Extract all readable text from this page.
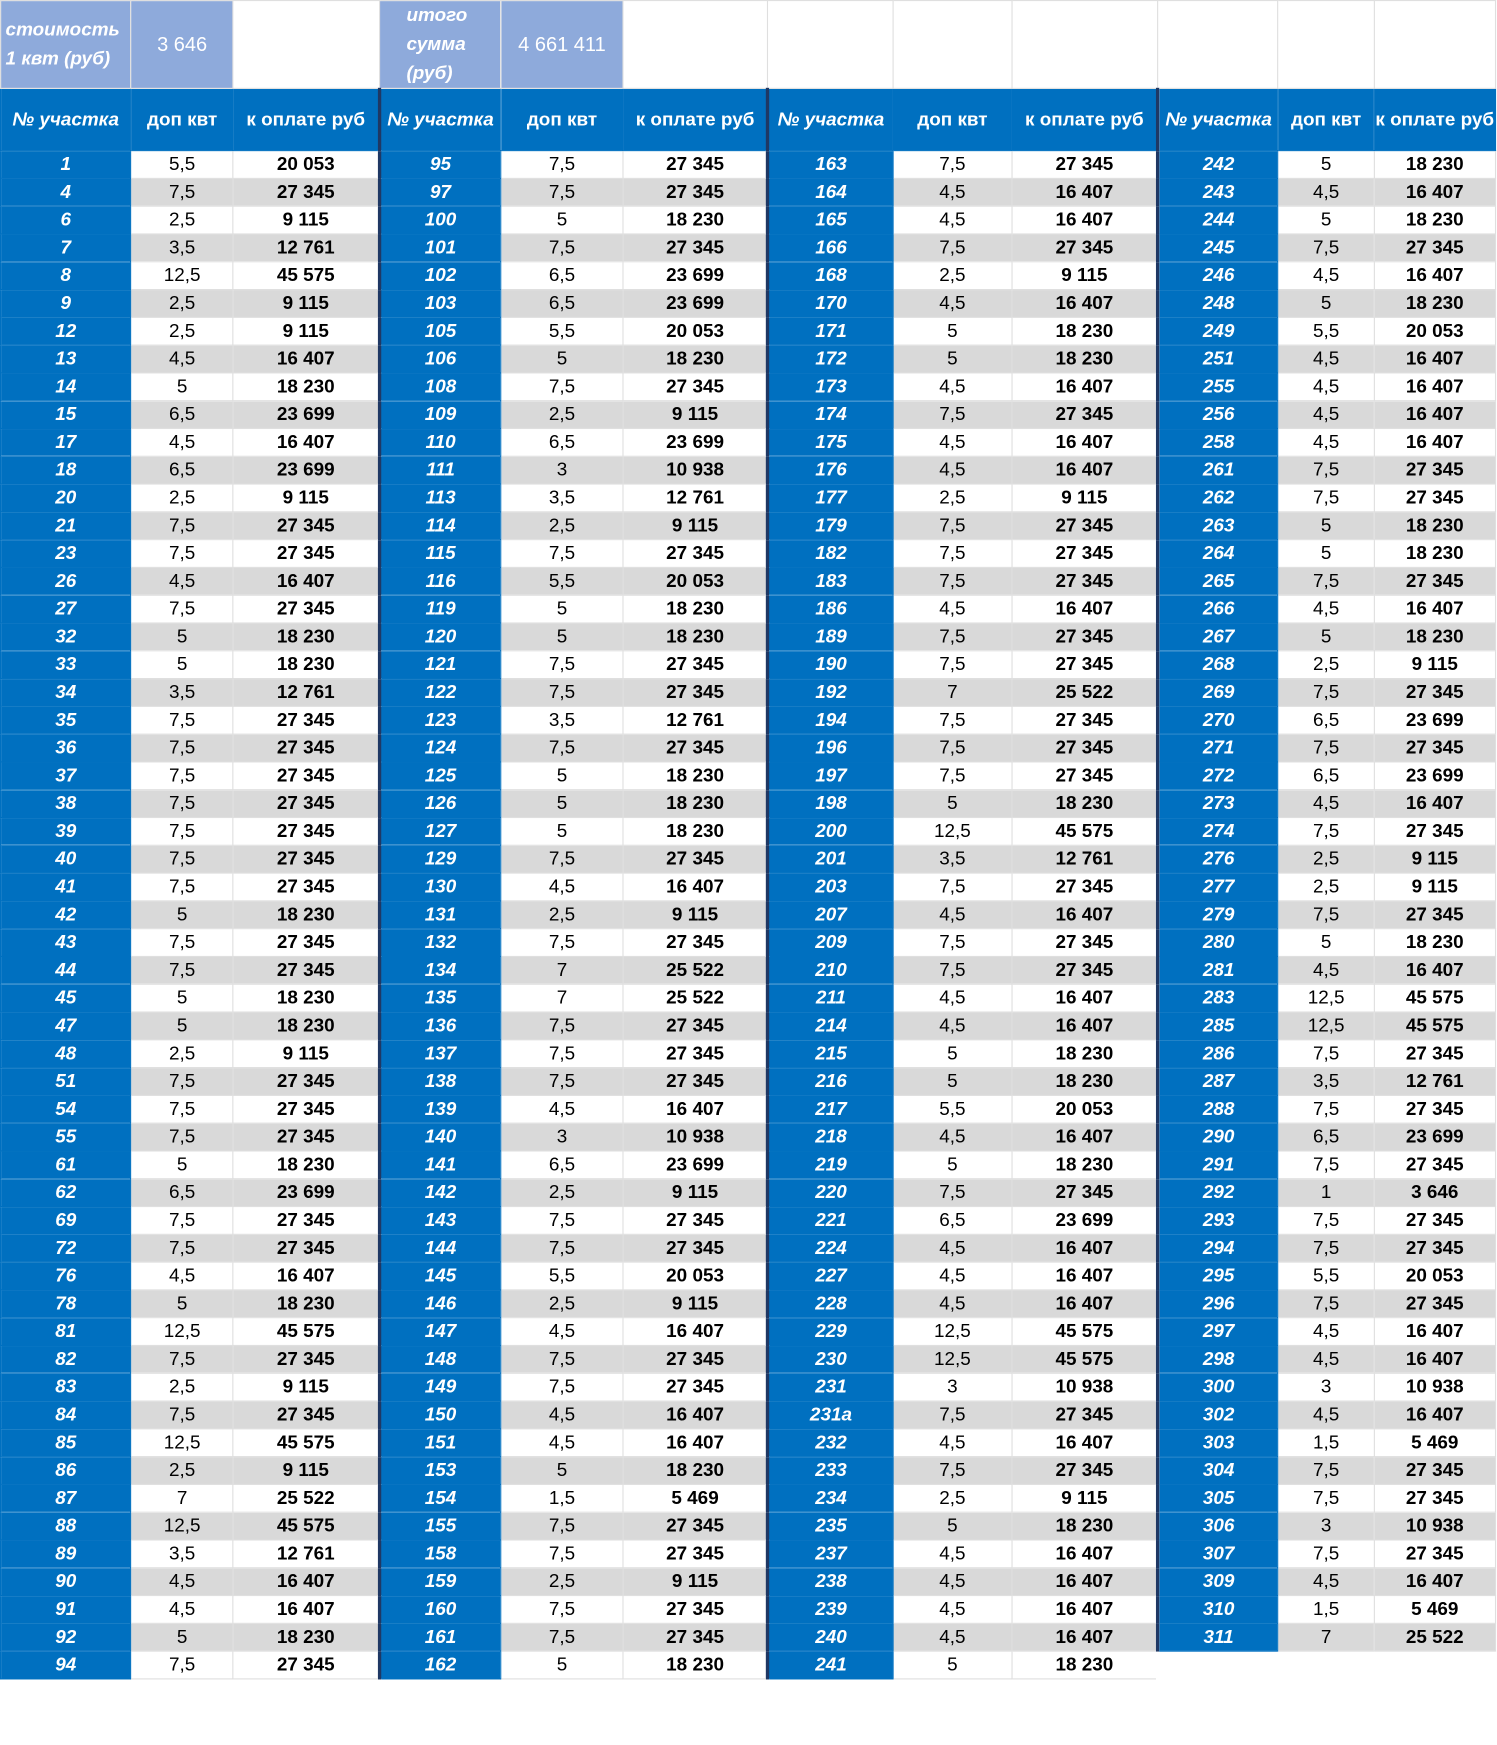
стоимость 1 квт (руб)	3 646		итого сумма (руб)	4 661 411							
№ участка	доп квт	к оплате руб	№ участка	доп квт	к оплате руб	№ участка	доп квт	к оплате руб	№ участка	доп квт	к оплате руб
1	5,5	20 053	95	7,5	27 345	163	7,5	27 345	242	5	18 230
4	7,5	27 345	97	7,5	27 345	164	4,5	16 407	243	4,5	16 407
6	2,5	9 115	100	5	18 230	165	4,5	16 407	244	5	18 230
7	3,5	12 761	101	7,5	27 345	166	7,5	27 345	245	7,5	27 345
8	12,5	45 575	102	6,5	23 699	168	2,5	9 115	246	4,5	16 407
9	2,5	9 115	103	6,5	23 699	170	4,5	16 407	248	5	18 230
12	2,5	9 115	105	5,5	20 053	171	5	18 230	249	5,5	20 053
13	4,5	16 407	106	5	18 230	172	5	18 230	251	4,5	16 407
14	5	18 230	108	7,5	27 345	173	4,5	16 407	255	4,5	16 407
15	6,5	23 699	109	2,5	9 115	174	7,5	27 345	256	4,5	16 407
17	4,5	16 407	110	6,5	23 699	175	4,5	16 407	258	4,5	16 407
18	6,5	23 699	111	3	10 938	176	4,5	16 407	261	7,5	27 345
20	2,5	9 115	113	3,5	12 761	177	2,5	9 115	262	7,5	27 345
21	7,5	27 345	114	2,5	9 115	179	7,5	27 345	263	5	18 230
23	7,5	27 345	115	7,5	27 345	182	7,5	27 345	264	5	18 230
26	4,5	16 407	116	5,5	20 053	183	7,5	27 345	265	7,5	27 345
27	7,5	27 345	119	5	18 230	186	4,5	16 407	266	4,5	16 407
32	5	18 230	120	5	18 230	189	7,5	27 345	267	5	18 230
33	5	18 230	121	7,5	27 345	190	7,5	27 345	268	2,5	9 115
34	3,5	12 761	122	7,5	27 345	192	7	25 522	269	7,5	27 345
35	7,5	27 345	123	3,5	12 761	194	7,5	27 345	270	6,5	23 699
36	7,5	27 345	124	7,5	27 345	196	7,5	27 345	271	7,5	27 345
37	7,5	27 345	125	5	18 230	197	7,5	27 345	272	6,5	23 699
38	7,5	27 345	126	5	18 230	198	5	18 230	273	4,5	16 407
39	7,5	27 345	127	5	18 230	200	12,5	45 575	274	7,5	27 345
40	7,5	27 345	129	7,5	27 345	201	3,5	12 761	276	2,5	9 115
41	7,5	27 345	130	4,5	16 407	203	7,5	27 345	277	2,5	9 115
42	5	18 230	131	2,5	9 115	207	4,5	16 407	279	7,5	27 345
43	7,5	27 345	132	7,5	27 345	209	7,5	27 345	280	5	18 230
44	7,5	27 345	134	7	25 522	210	7,5	27 345	281	4,5	16 407
45	5	18 230	135	7	25 522	211	4,5	16 407	283	12,5	45 575
47	5	18 230	136	7,5	27 345	214	4,5	16 407	285	12,5	45 575
48	2,5	9 115	137	7,5	27 345	215	5	18 230	286	7,5	27 345
51	7,5	27 345	138	7,5	27 345	216	5	18 230	287	3,5	12 761
54	7,5	27 345	139	4,5	16 407	217	5,5	20 053	288	7,5	27 345
55	7,5	27 345	140	3	10 938	218	4,5	16 407	290	6,5	23 699
61	5	18 230	141	6,5	23 699	219	5	18 230	291	7,5	27 345
62	6,5	23 699	142	2,5	9 115	220	7,5	27 345	292	1	3 646
69	7,5	27 345	143	7,5	27 345	221	6,5	23 699	293	7,5	27 345
72	7,5	27 345	144	7,5	27 345	224	4,5	16 407	294	7,5	27 345
76	4,5	16 407	145	5,5	20 053	227	4,5	16 407	295	5,5	20 053
78	5	18 230	146	2,5	9 115	228	4,5	16 407	296	7,5	27 345
81	12,5	45 575	147	4,5	16 407	229	12,5	45 575	297	4,5	16 407
82	7,5	27 345	148	7,5	27 345	230	12,5	45 575	298	4,5	16 407
83	2,5	9 115	149	7,5	27 345	231	3	10 938	300	3	10 938
84	7,5	27 345	150	4,5	16 407	231а	7,5	27 345	302	4,5	16 407
85	12,5	45 575	151	4,5	16 407	232	4,5	16 407	303	1,5	5 469
86	2,5	9 115	153	5	18 230	233	7,5	27 345	304	7,5	27 345
87	7	25 522	154	1,5	5 469	234	2,5	9 115	305	7,5	27 345
88	12,5	45 575	155	7,5	27 345	235	5	18 230	306	3	10 938
89	3,5	12 761	158	7,5	27 345	237	4,5	16 407	307	7,5	27 345
90	4,5	16 407	159	2,5	9 115	238	4,5	16 407	309	4,5	16 407
91	4,5	16 407	160	7,5	27 345	239	4,5	16 407	310	1,5	5 469
92	5	18 230	161	7,5	27 345	240	4,5	16 407	311	7	25 522
94	7,5	27 345	162	5	18 230	241	5	18 230			
